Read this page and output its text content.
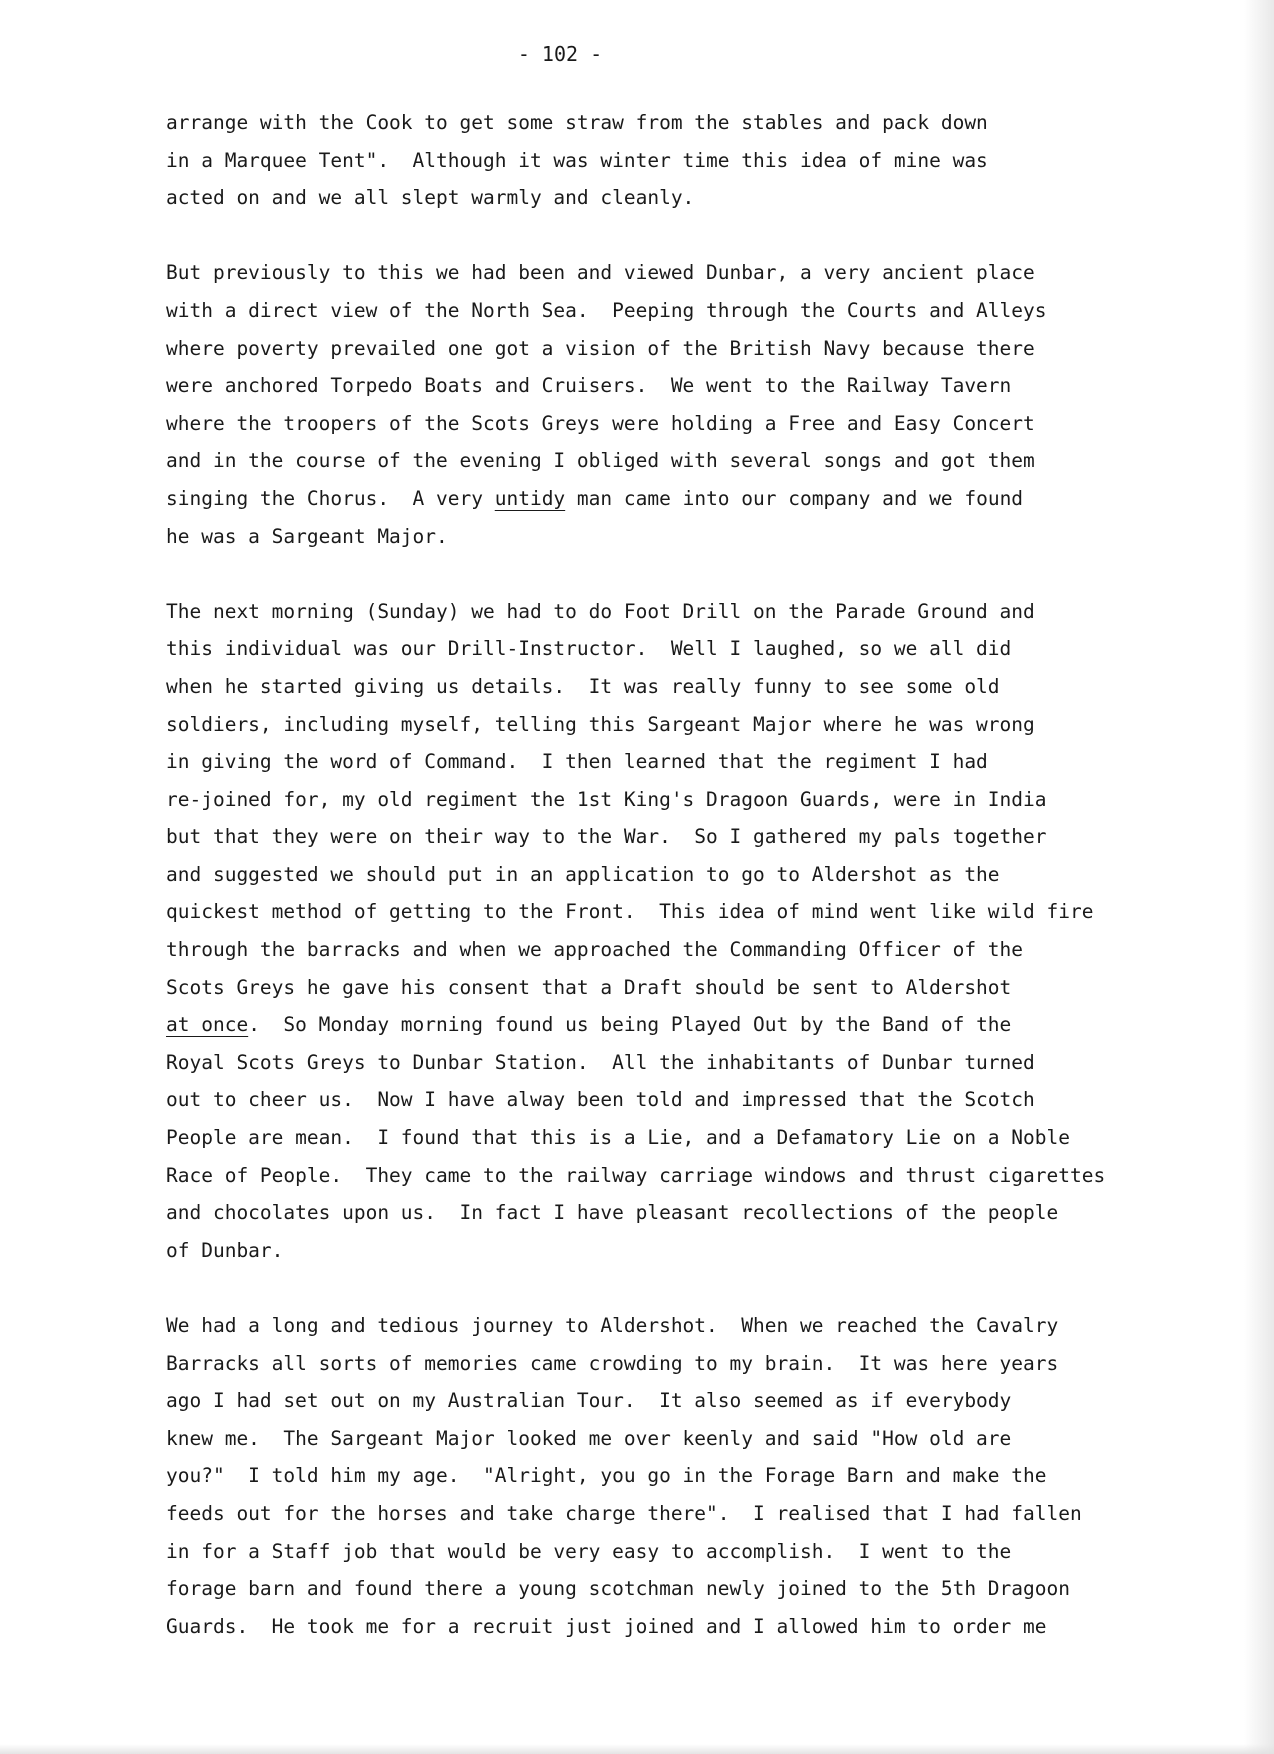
- 102 -
arrange with the Cook to get some straw from the stables and pack down
in a Marquee Tent".  Although it was winter time this idea of mine was
acted on and we all slept warmly and cleanly.
But previously to this we had been and viewed Dunbar, a very ancient place
with a direct view of the North Sea.  Peeping through the Courts and Alleys
where poverty prevailed one got a vision of the British Navy because there
were anchored Torpedo Boats and Cruisers.  We went to the Railway Tavern
where the troopers of the Scots Greys were holding a Free and Easy Concert
and in the course of the evening I obliged with several songs and got them
singing the Chorus.  A very untidy man came into our company and we found
he was a Sargeant Major.
The next morning (Sunday) we had to do Foot Drill on the Parade Ground and
this individual was our Drill-Instructor.  Well I laughed, so we all did
when he started giving us details.  It was really funny to see some old
soldiers, including myself, telling this Sargeant Major where he was wrong
in giving the word of Command.  I then learned that the regiment I had
re-joined for, my old regiment the 1st King's Dragoon Guards, were in India
but that they were on their way to the War.  So I gathered my pals together
and suggested we should put in an application to go to Aldershot as the
quickest method of getting to the Front.  This idea of mind went like wild fire
through the barracks and when we approached the Commanding Officer of the
Scots Greys he gave his consent that a Draft should be sent to Aldershot
at once.  So Monday morning found us being Played Out by the Band of the
Royal Scots Greys to Dunbar Station.  All the inhabitants of Dunbar turned
out to cheer us.  Now I have alway been told and impressed that the Scotch
People are mean.  I found that this is a Lie, and a Defamatory Lie on a Noble
Race of People.  They came to the railway carriage windows and thrust cigarettes
and chocolates upon us.  In fact I have pleasant recollections of the people
of Dunbar.
We had a long and tedious journey to Aldershot.  When we reached the Cavalry
Barracks all sorts of memories came crowding to my brain.  It was here years
ago I had set out on my Australian Tour.  It also seemed as if everybody
knew me.  The Sargeant Major looked me over keenly and said "How old are
you?"  I told him my age.  "Alright, you go in the Forage Barn and make the
feeds out for the horses and take charge there".  I realised that I had fallen
in for a Staff job that would be very easy to accomplish.  I went to the
forage barn and found there a young scotchman newly joined to the 5th Dragoon
Guards.  He took me for a recruit just joined and I allowed him to order me
